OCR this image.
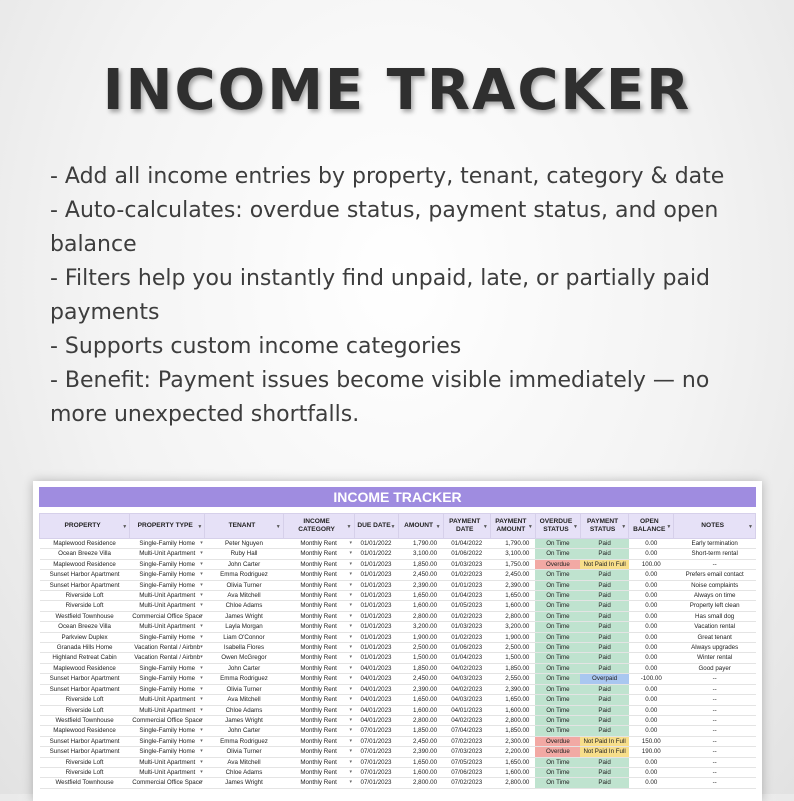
INCOME TRACKER
- Add all income entries by property, tenant, category & date
- Auto-calculates: overdue status, payment status, and open balance
- Filters help you instantly find unpaid, late, or partially paid payments
- Supports custom income categories
- Benefit: Payment issues become visible immediately — no more unexpected shortfalls.
INCOME TRACKER
PROPERTY ▼	PROPERTY TYPE ▼	TENANT ▼	INCOME CATEGORY ▼	DUE DATE ▼	AMOUNT ▼	PAYMENT DATE ▼	PAYMENT AMOUNT ▼	OVERDUE STATUS ▼	PAYMENT STATUS ▼	OPEN BALANCE ▼	NOTES ▼

Maplewood Residence	Single-Family Home ▾	Peter Nguyen	Monthly Rent ▾	01/01/2022	1,790.00	01/04/2022	1,790.00	On Time	Paid	0.00	Early termination
Ocean Breeze Villa	Multi-Unit Apartment ▾	Ruby Hall	Monthly Rent ▾	01/01/2022	3,100.00	01/06/2022	3,100.00	On Time	Paid	0.00	Short-term rental
Maplewood Residence	Single-Family Home ▾	John Carter	Monthly Rent ▾	01/01/2023	1,850.00	01/03/2023	1,750.00	Overdue	Not Paid In Full	100.00	--
Sunset Harbor Apartment	Single-Family Home ▾	Emma Rodriguez	Monthly Rent ▾	01/01/2023	2,450.00	01/02/2023	2,450.00	On Time	Paid	0.00	Prefers email contact
Sunset Harbor Apartment	Single-Family Home ▾	Olivia Turner	Monthly Rent ▾	01/01/2023	2,390.00	01/01/2023	2,390.00	On Time	Paid	0.00	Noise complaints
Riverside Loft	Multi-Unit Apartment ▾	Ava Mitchell	Monthly Rent ▾	01/01/2023	1,650.00	01/04/2023	1,650.00	On Time	Paid	0.00	Always on time
Riverside Loft	Multi-Unit Apartment ▾	Chloe Adams	Monthly Rent ▾	01/01/2023	1,600.00	01/05/2023	1,600.00	On Time	Paid	0.00	Property left clean
Westfield Townhouse	Commercial Office Space ▾	James Wright	Monthly Rent ▾	01/01/2023	2,800.00	01/02/2023	2,800.00	On Time	Paid	0.00	Has small dog
Ocean Breeze Villa	Multi-Unit Apartment ▾	Layla Morgan	Monthly Rent ▾	01/01/2023	3,200.00	01/03/2023	3,200.00	On Time	Paid	0.00	Vacation rental
Parkview Duplex	Single-Family Home ▾	Liam O'Connor	Monthly Rent ▾	01/01/2023	1,900.00	01/02/2023	1,900.00	On Time	Paid	0.00	Great tenant
Granada Hills Home	Vacation Rental / Airbnb ▾	Isabella Flores	Monthly Rent ▾	01/01/2023	2,500.00	01/06/2023	2,500.00	On Time	Paid	0.00	Always upgrades
Highland Retreat Cabin	Vacation Rental / Airbnb ▾	Owen McGregor	Monthly Rent ▾	01/01/2023	1,500.00	01/04/2023	1,500.00	On Time	Paid	0.00	Winter rental
Maplewood Residence	Single-Family Home ▾	John Carter	Monthly Rent ▾	04/01/2023	1,850.00	04/02/2023	1,850.00	On Time	Paid	0.00	Good payer
Sunset Harbor Apartment	Single-Family Home ▾	Emma Rodriguez	Monthly Rent ▾	04/01/2023	2,450.00	04/03/2023	2,550.00	On Time	Overpaid	-100.00	--
Sunset Harbor Apartment	Single-Family Home ▾	Olivia Turner	Monthly Rent ▾	04/01/2023	2,390.00	04/02/2023	2,390.00	On Time	Paid	0.00	--
Riverside Loft	Multi-Unit Apartment ▾	Ava Mitchell	Monthly Rent ▾	04/01/2023	1,650.00	04/03/2023	1,650.00	On Time	Paid	0.00	--
Riverside Loft	Multi-Unit Apartment ▾	Chloe Adams	Monthly Rent ▾	04/01/2023	1,600.00	04/01/2023	1,600.00	On Time	Paid	0.00	--
Westfield Townhouse	Commercial Office Space ▾	James Wright	Monthly Rent ▾	04/01/2023	2,800.00	04/02/2023	2,800.00	On Time	Paid	0.00	--
Maplewood Residence	Single-Family Home ▾	John Carter	Monthly Rent ▾	07/01/2023	1,850.00	07/04/2023	1,850.00	On Time	Paid	0.00	--
Sunset Harbor Apartment	Single-Family Home ▾	Emma Rodriguez	Monthly Rent ▾	07/01/2023	2,450.00	07/02/2023	2,300.00	Overdue	Not Paid In Full	150.00	--
Sunset Harbor Apartment	Single-Family Home ▾	Olivia Turner	Monthly Rent ▾	07/01/2023	2,390.00	07/03/2023	2,200.00	Overdue	Not Paid In Full	190.00	--
Riverside Loft	Multi-Unit Apartment ▾	Ava Mitchell	Monthly Rent ▾	07/01/2023	1,650.00	07/05/2023	1,650.00	On Time	Paid	0.00	--
Riverside Loft	Multi-Unit Apartment ▾	Chloe Adams	Monthly Rent ▾	07/01/2023	1,600.00	07/06/2023	1,600.00	On Time	Paid	0.00	--
Westfield Townhouse	Commercial Office Space ▾	James Wright	Monthly Rent ▾	07/01/2023	2,800.00	07/02/2023	2,800.00	On Time	Paid	0.00	--
